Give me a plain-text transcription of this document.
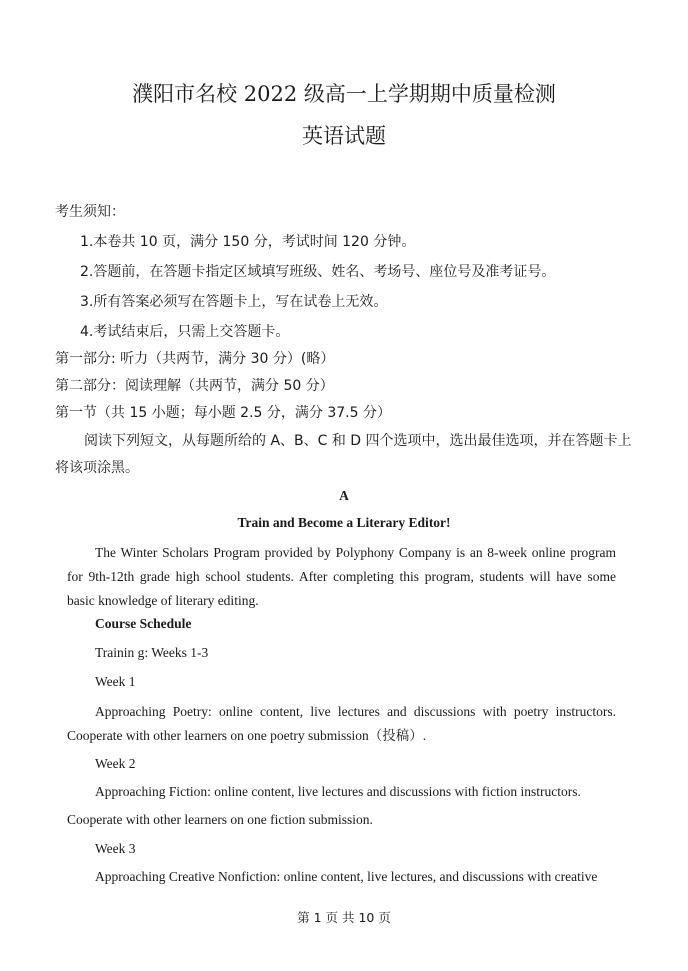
濮阳市名校 2022 级高一上学期期中质量检测
英语试题
考生须知：
1.本卷共 10 页，满分 150 分，考试时间 120 分钟。
2.答题前，在答题卡指定区域填写班级、姓名、考场号、座位号及准考证号。
3.所有答案必须写在答题卡上，写在试卷上无效。
4.考试结束后，只需上交答题卡。
第一部分: 听力（共两节，满分 30 分）(略）
第二部分：阅读理解（共两节，满分 50 分）
第一节（共 15 小题；每小题 2.5 分，满分 37.5 分）
阅读下列短文，从每题所给的 A、B、C 和 D 四个选项中，选出最佳选项，并在答题卡上
将该项涂黑。
A
Train and Become a Literary Editor!
The Winter Scholars Program provided by Polyphony Company is an 8-week online program for 9th-12th grade high school students. After completing this program, students will have some basic knowledge of literary editing.
Course Schedule
Trainin g: Weeks 1-3
Week 1
Approaching Poetry: online content, live lectures and discussions with poetry instructors. Cooperate with other learners on one poetry submission（投稿）.
Week 2
Approaching Fiction: online content, live lectures and discussions with fiction instructors.
Cooperate with other learners on one fiction submission.
Week 3
Approaching Creative Nonfiction: online content, live lectures, and discussions with creative
第 1 页 共 10 页
